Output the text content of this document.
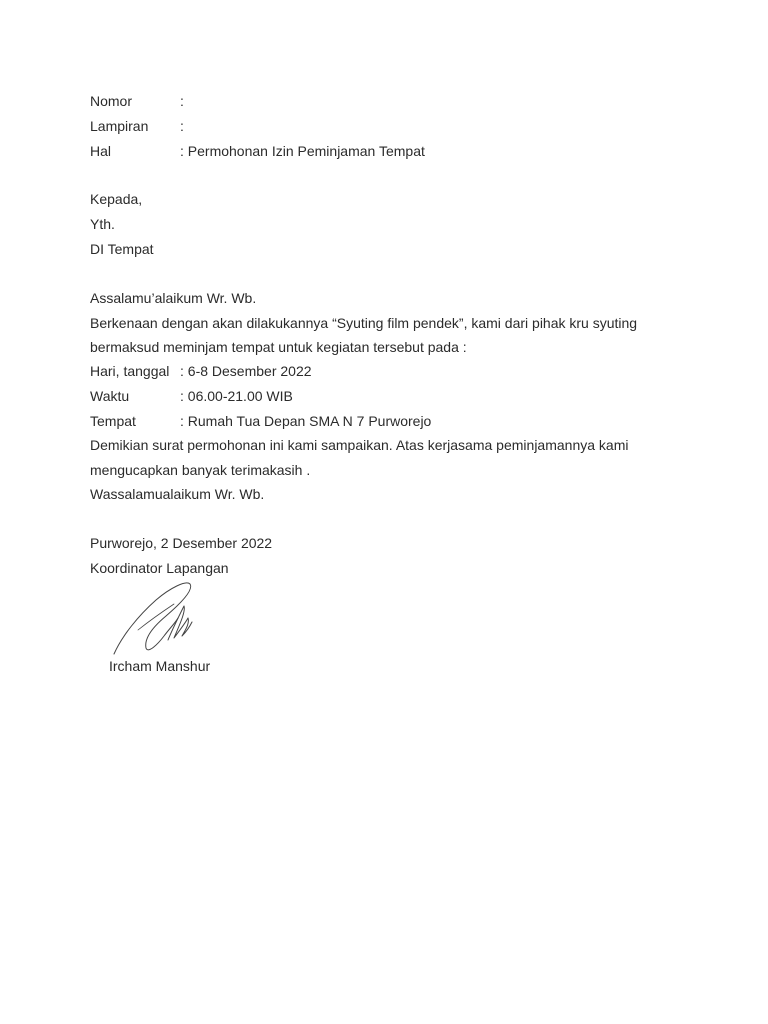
Nomor	:
Lampiran :
Hal	: Permohonan Izin Peminjaman Tempat
Kepada,
Yth.
DI Tempat
Assalamu’alaikum Wr. Wb.
Berkenaan dengan akan dilakukannya “Syuting film pendek”, kami dari pihak kru syuting
bermaksud meminjam tempat untuk kegiatan tersebut pada :
Hari, tanggal : 6-8 Desember 2022
Waktu	: 06.00-21.00 WIB
Tempat	: Rumah Tua Depan SMA N 7 Purworejo
Demikian surat permohonan ini kami sampaikan. Atas kerjasama peminjamannya kami
mengucapkan banyak terimakasih .
Wassalamualaikum Wr. Wb.
Purworejo, 2 Desember 2022
Koordinator Lapangan
Ircham Manshur
